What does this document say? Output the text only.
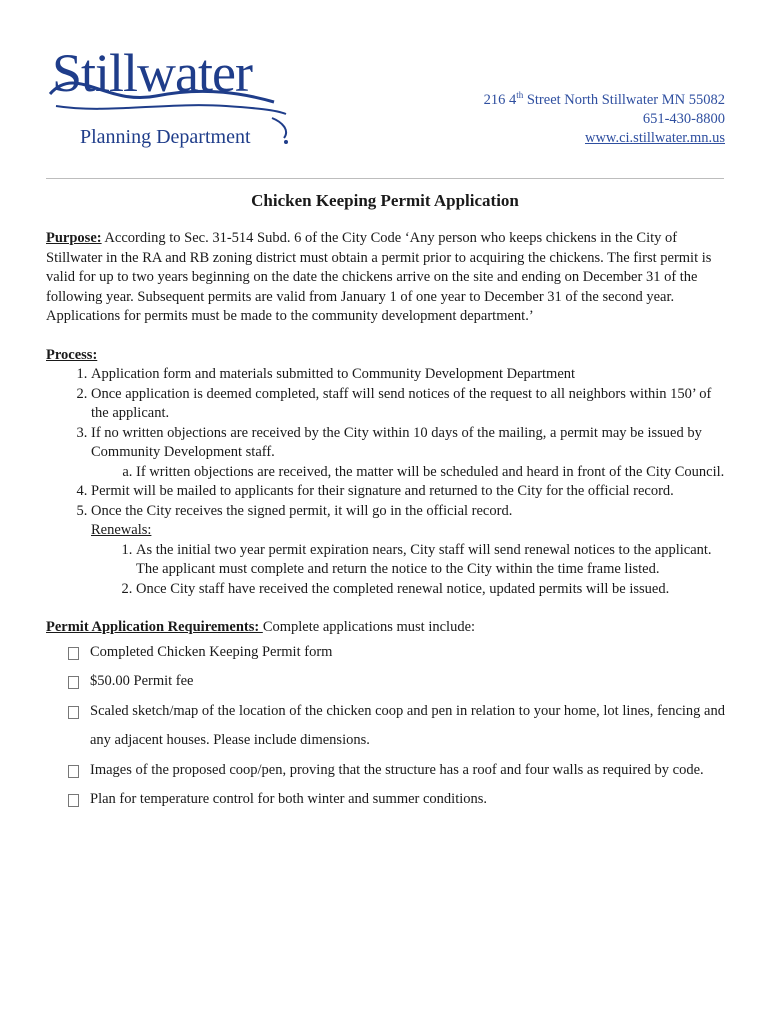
Stillwater
Planning Department
216 4th Street North Stillwater MN 55082
651-430-8800
www.ci.stillwater.mn.us
Chicken Keeping Permit Application

Purpose: According to Sec. 31-514 Subd. 6 of the City Code ‘Any person who keeps chickens in the City of Stillwater in the RA and RB zoning district must obtain a permit prior to acquiring the chickens. The first permit is valid for up to two years beginning on the date the chickens arrive on the site and ending on December 31 of the following year. Subsequent permits are valid from January 1 of one year to December 31 of the second year. Applications for permits must be made to the community development department.’

Process:
1. Application form and materials submitted to Community Development Department
2. Once application is deemed completed, staff will send notices of the request to all neighbors within 150’ of the applicant.
3. If no written objections are received by the City within 10 days of the mailing, a permit may be issued by Community Development staff.
a. If written objections are received, the matter will be scheduled and heard in front of the City Council.
4. Permit will be mailed to applicants for their signature and returned to the City for the official record.
5. Once the City receives the signed permit, it will go in the official record.
Renewals:
1. As the initial two year permit expiration nears, City staff will send renewal notices to the applicant. The applicant must complete and return the notice to the City within the time frame listed.
2. Once City staff have received the completed renewal notice, updated permits will be issued.
Permit Application Requirements: Complete applications must include:
Completed Chicken Keeping Permit form
$50.00 Permit fee
Scaled sketch/map of the location of the chicken coop and pen in relation to your home, lot lines, fencing and any adjacent houses. Please include dimensions.
Images of the proposed coop/pen, proving that the structure has a roof and four walls as required by code.
Plan for temperature control for both winter and summer conditions.
